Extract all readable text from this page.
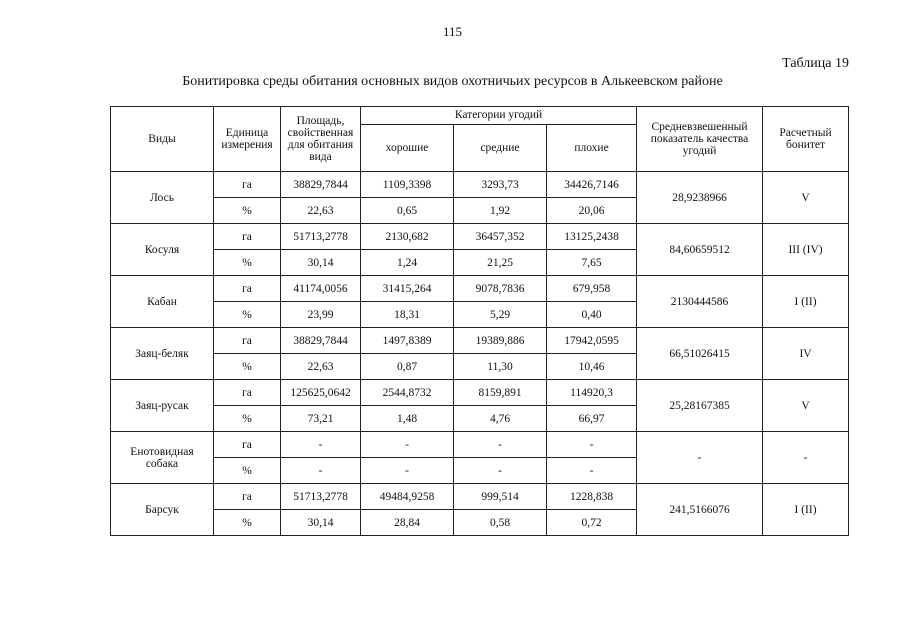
115
Таблица 19
Бонитировка среды обитания основных видов охотничьих ресурсов в Алькеевском районе
Виды	Единица измерения	Площадь, свойственная для обитания вида	Категории угодий			Средневзвешенный показатель качества угодий	Расчетный бонитет
			хорошие	средние	плохие		
Лось	га	38829,7844	1109,3398	3293,73	34426,7146	28,9238966	V
	%	22,63	0,65	1,92	20,06		
Косуля	га	51713,2778	2130,682	36457,352	13125,2438	84,60659512	III (IV)
	%	30,14	1,24	21,25	7,65		
Кабан	га	41174,0056	31415,264	9078,7836	679,958	2130444586	I (II)
	%	23,99	18,31	5,29	0,40		
Заяц-беляк	га	38829,7844	1497,8389	19389,886	17942,0595	66,51026415	IV
	%	22,63	0,87	11,30	10,46		
Заяц-русак	га	125625,0642	2544,8732	8159,891	114920,3	25,28167385	V
	%	73,21	1,48	4,76	66,97		
Енотовидная собака	га	-	-	-	-	-	-
	%	-	-	-	-		
Барсук	га	51713,2778	49484,9258	999,514	1228,838	241,5166076	I (II)
	%	30,14	28,84	0,58	0,72		
